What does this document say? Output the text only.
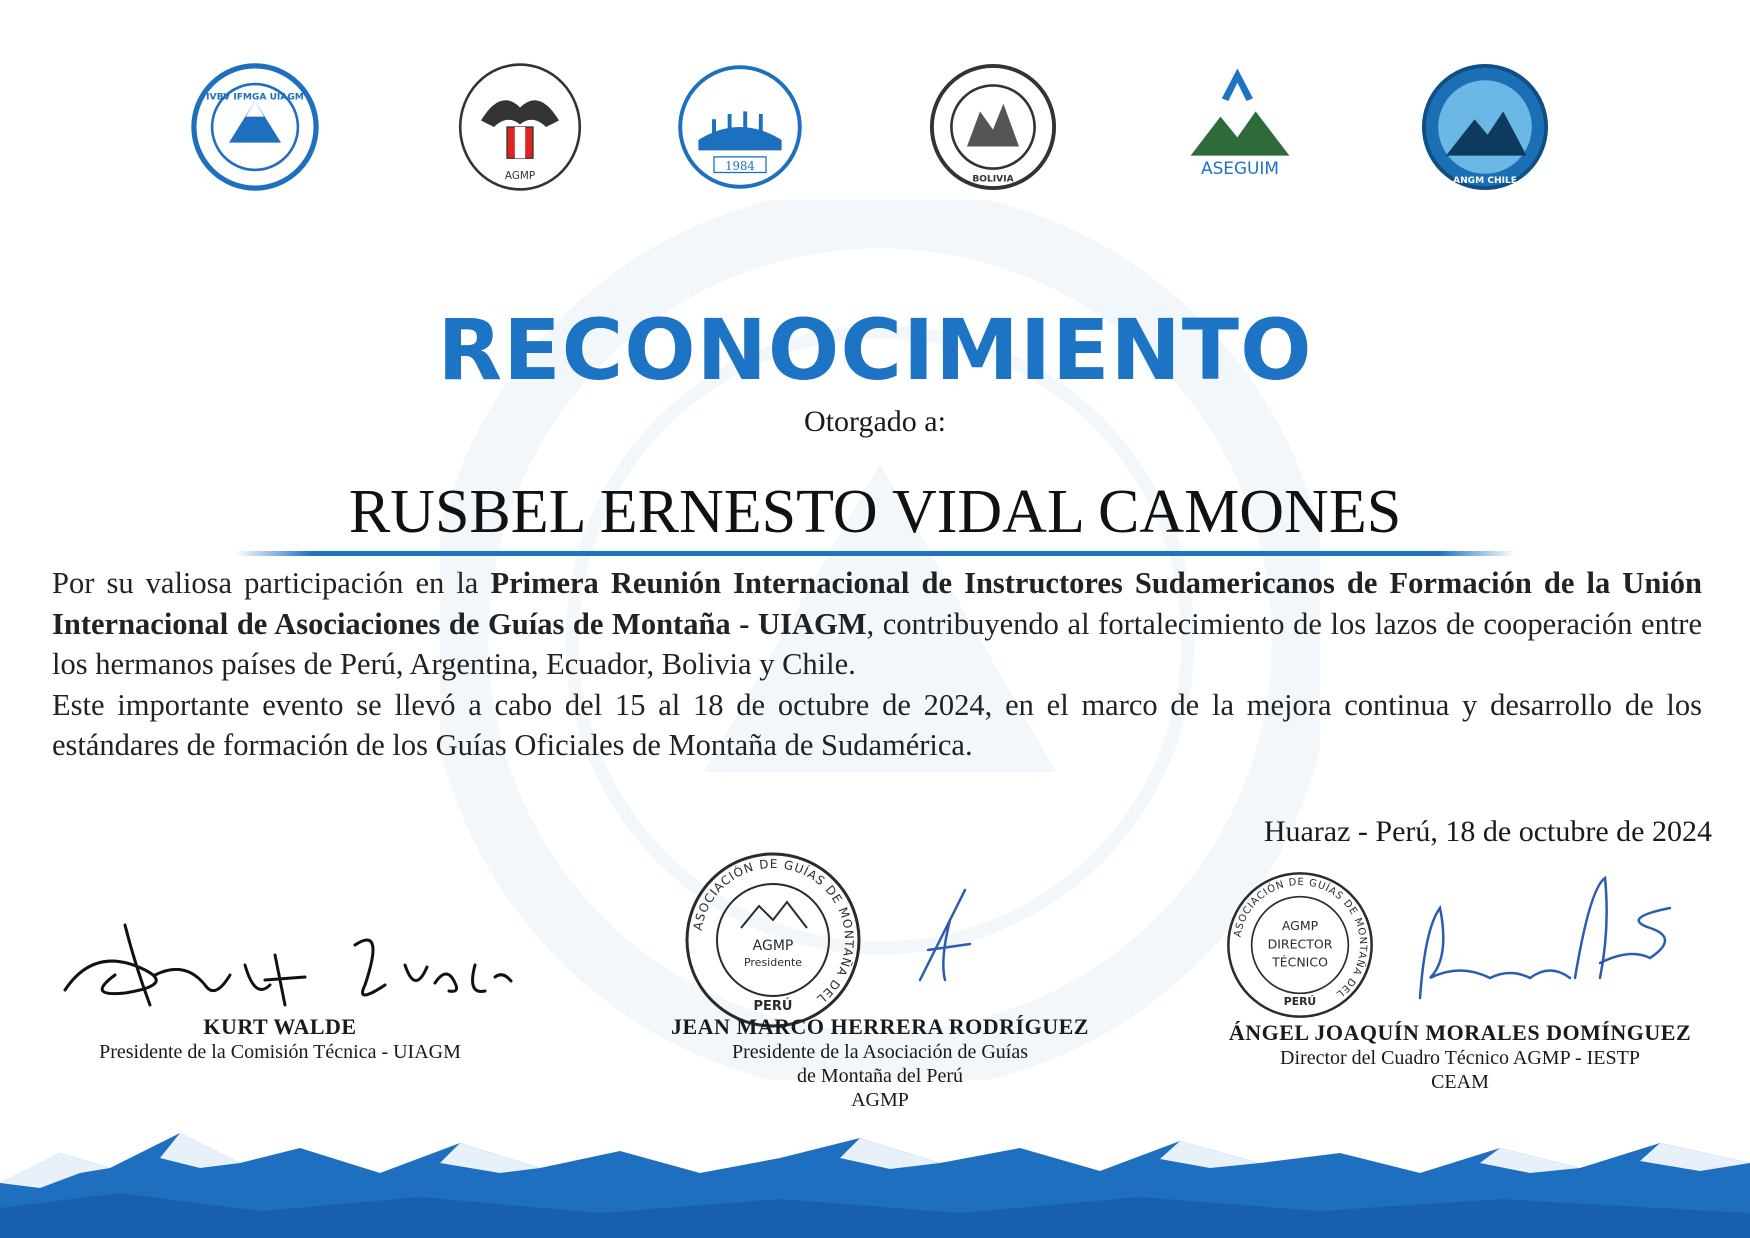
IVBV IFMGA UIAGM
AGMP
1984
BOLIVIA
ASEGUIM
ANGM CHILE
RECONOCIMIENTO
Otorgado a:
RUSBEL ERNESTO VIDAL CAMONES

Por su valiosa participación en la Primera Reunión Internacional de Instructores Sudamericanos de Formación de la Unión Internacional de Asociaciones de Guías de Montaña - UIAGM, contribuyendo al fortalecimiento de los lazos de cooperación entre los hermanos países de Perú, Argentina, Ecuador, Bolivia y Chile.

Este importante evento se llevó a cabo del 15 al 18 de octubre de 2024, en el marco de la mejora continua y desarrollo de los estándares de formación de los Guías Oficiales de Montaña de Sudamérica.

Huaraz - Perú, 18 de octubre de 2024
ASOCIACIÓN DE GUÍAS DE MONTAÑA DEL
AGMP
Presidente
PERÚ
ASOCIACIÓN DE GUÍAS DE MONTAÑA DEL
AGMP
DIRECTOR
TÉCNICO
PERÚ
KURT WALDE
Presidente de la Comisión Técnica - UIAGM
JEAN MARCO HERRERA RODRÍGUEZ
Presidente de la Asociación de Guías
de Montaña del Perú
AGMP
ÁNGEL JOAQUÍN MORALES DOMÍNGUEZ
Director del Cuadro Técnico AGMP - IESTP
CEAM
